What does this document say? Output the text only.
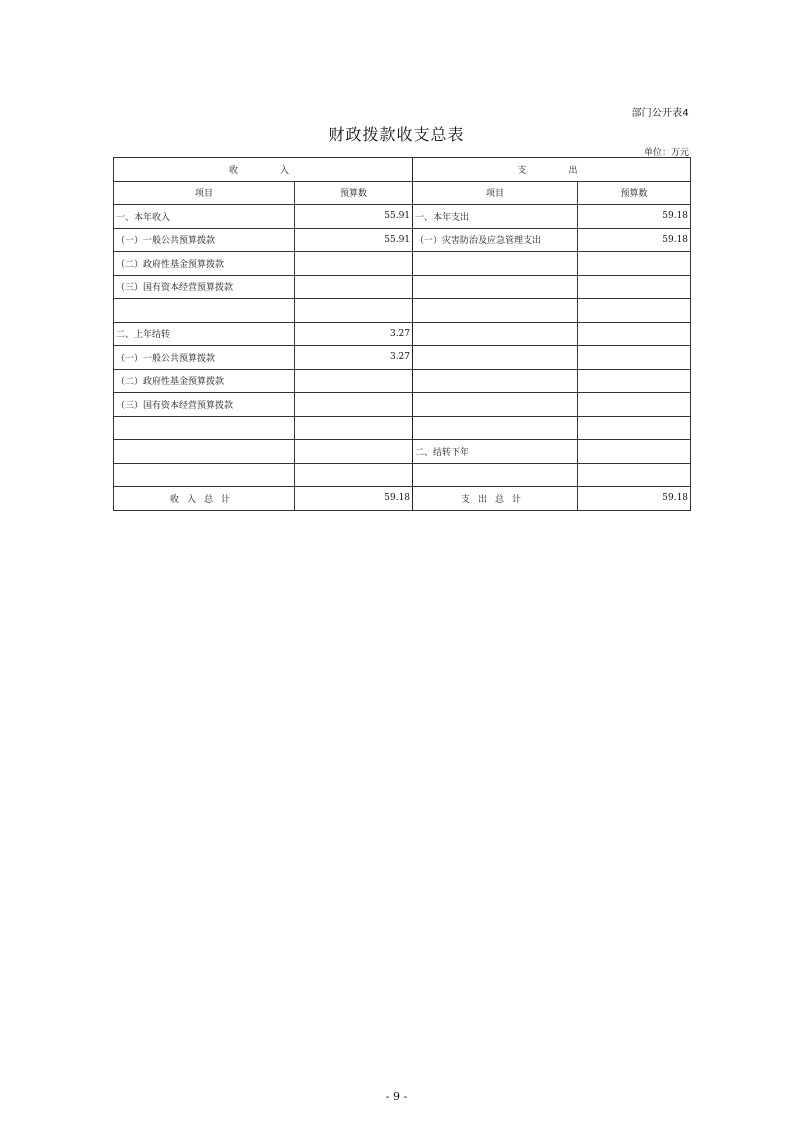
部门公开表4
财政拨款收支总表
单位：万元
收　　入		支　　出	
项目	预算数	项目	预算数
一、本年收入	55.91	一、本年支出	59.18
（一）一般公共预算拨款	55.91	（一）灾害防治及应急管理支出	59.18
（二）政府性基金预算拨款			
（三）国有资本经营预算拨款			

二、上年结转	3.27		
（一）一般公共预算拨款	3.27		
（二）政府性基金预算拨款			
（三）国有资本经营预算拨款			

		二、结转下年	

收入总计	59.18	支出总计	59.18
- 9 -
